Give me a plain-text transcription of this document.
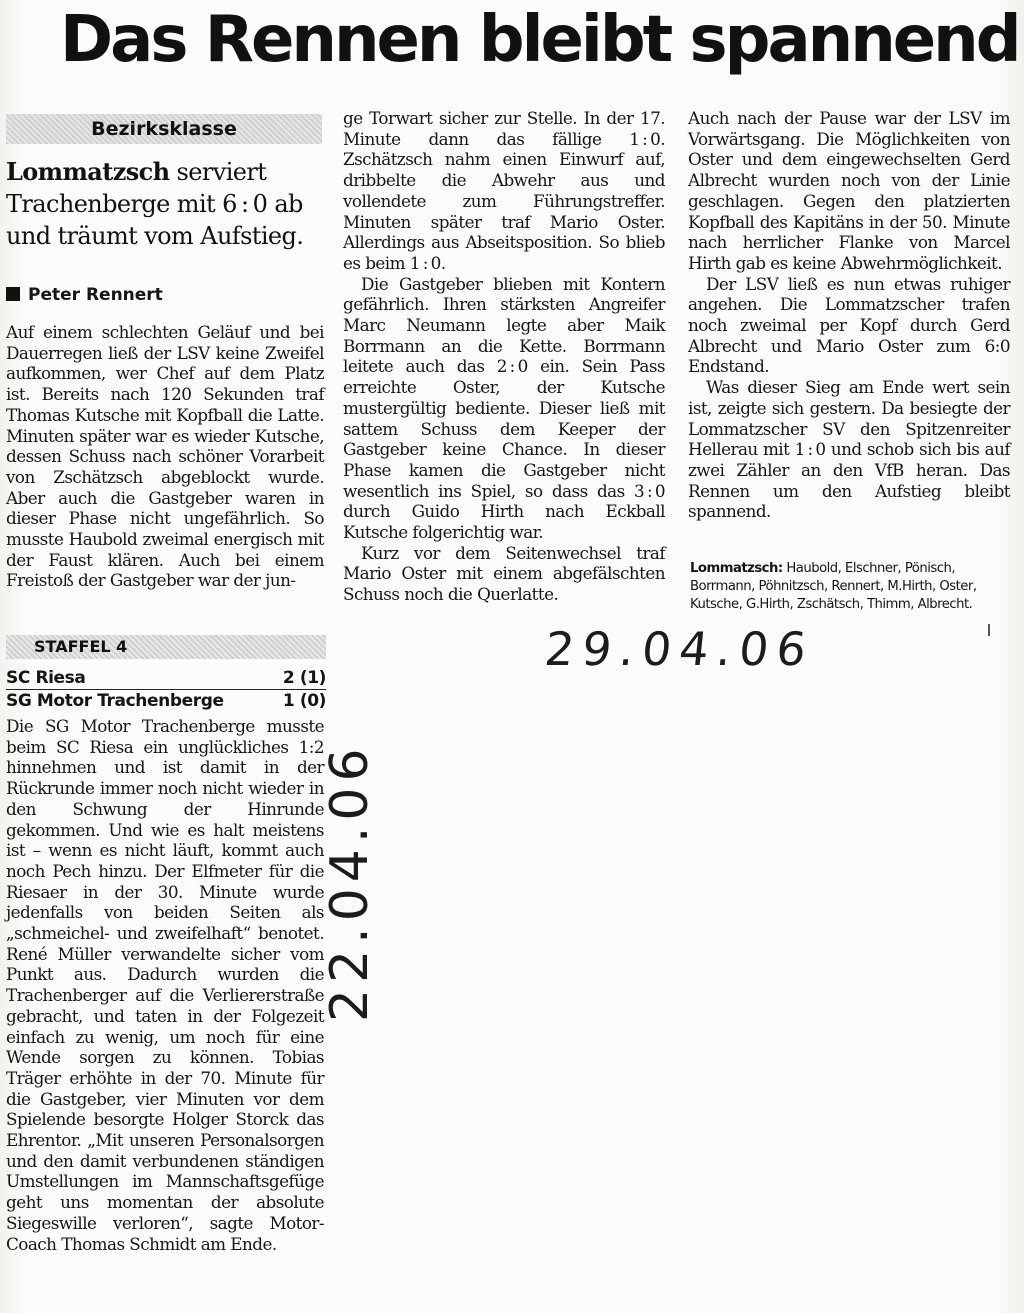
Das Rennen bleibt spannend
Bezirksklasse
Lommatzsch serviert Trachenberge mit 6 : 0 ab und träumt vom Aufstieg.
Peter Rennert

Auf einem schlechten Geläuf und bei Dauerregen ließ der LSV keine Zweifel aufkommen, wer Chef auf dem Platz ist. Bereits nach 120 Sekunden traf Thomas Kutsche mit Kopfball die Latte. Minuten später war es wieder Kutsche, dessen Schuss nach schöner Vorarbeit von Zschätzsch abgeblockt wurde. Aber auch die Gastgeber waren in dieser Phase nicht ungefährlich. So musste Haubold zweimal energisch mit der Faust klären. Auch bei einem Freistoß der Gastgeber war der jun-

ge Torwart sicher zur Stelle. In der 17. Minute dann das fällige 1 : 0. Zschätzsch nahm einen Einwurf auf, dribbelte die Abwehr aus und vollendete zum Führungstreffer. Minuten später traf Mario Oster. Allerdings aus Abseitsposition. So blieb es beim 1 : 0.

Die Gastgeber blieben mit Kontern gefährlich. Ihren stärksten Angreifer Marc Neumann legte aber Maik Borrmann an die Kette. Borrmann leitete auch das 2 : 0 ein. Sein Pass erreichte Oster, der Kutsche mustergültig bediente. Dieser ließ mit sattem Schuss dem Keeper der Gastgeber keine Chance. In dieser Phase kamen die Gastgeber nicht wesentlich ins Spiel, so dass das 3 : 0 durch Guido Hirth nach Eckball Kutsche folgerichtig war.

Kurz vor dem Seitenwechsel traf Mario Oster mit einem abgefälschten Schuss noch die Querlatte.

Auch nach der Pause war der LSV im Vorwärtsgang. Die Möglichkeiten von Oster und dem eingewechselten Gerd Albrecht wurden noch von der Linie geschlagen. Gegen den platzierten Kopfball des Kapitäns in der 50. Minute nach herrlicher Flanke von Marcel Hirth gab es keine Abwehrmöglichkeit.

Der LSV ließ es nun etwas ruhiger angehen. Die Lommatzscher trafen noch zweimal per Kopf durch Gerd Albrecht und Mario Oster zum 6:0 Endstand.

Was dieser Sieg am Ende wert sein ist, zeigte sich gestern. Da besiegte der Lommatzscher SV den Spitzenreiter Hellerau mit 1 : 0 und schob sich bis auf zwei Zähler an den VfB heran. Das Rennen um den Aufstieg bleibt spannend.

Lommatzsch: Haubold, Elschner, Pönisch, Borrmann, Pöhnitzsch, Rennert, M.Hirth, Oster, Kutsche, G.Hirth, Zschätsch, Thimm, Albrecht.
29.04.06
STAFFEL 4
SC Riesa	2 (1)
SG Motor Trachenberge	1 (0)

Die SG Motor Trachenberge musste beim SC Riesa ein unglückliches 1:2 hinnehmen und ist damit in der Rückrunde immer noch nicht wieder in den Schwung der Hinrunde gekommen. Und wie es halt meistens ist – wenn es nicht läuft, kommt auch noch Pech hinzu. Der Elfmeter für die Riesaer in der 30. Minute wurde jedenfalls von beiden Seiten als „schmeichel- und zweifelhaft“ benotet. René Müller verwandelte sicher vom Punkt aus. Dadurch wurden die Trachenberger auf die Verliererstraße gebracht, und taten in der Folgezeit einfach zu wenig, um noch für eine Wende sorgen zu können. Tobias Träger erhöhte in der 70. Minute für die Gastgeber, vier Minuten vor dem Spielende besorgte Holger Storck das Ehrentor. „Mit unseren Personalsorgen und den damit verbundenen ständigen Umstellungen im Mannschaftsgefüge geht uns momentan der absolute Siegeswille verloren“, sagte Motor-Coach Thomas Schmidt am Ende.

22.04.06
